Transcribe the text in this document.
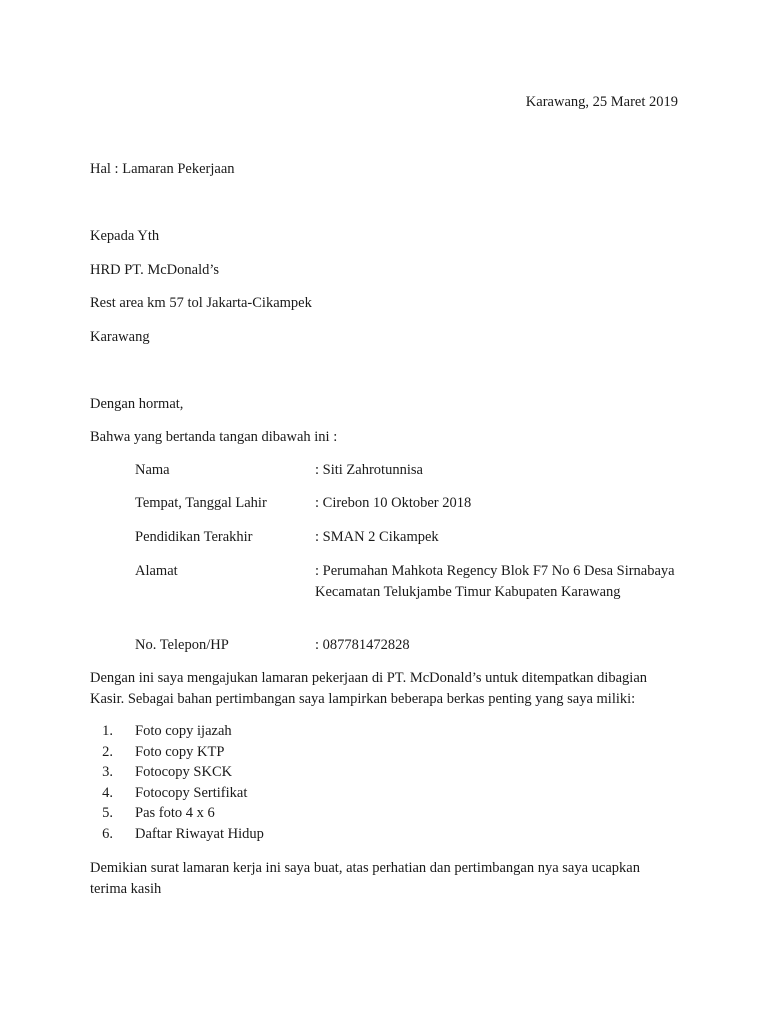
Karawang, 25 Maret 2019
Hal : Lamaran Pekerjaan
Kepada Yth
HRD PT. McDonald’s
Rest area km 57 tol Jakarta-Cikampek
Karawang
Dengan hormat,
Bahwa yang bertanda tangan dibawah ini :
Nama	: Siti Zahrotunnisa
Tempat, Tanggal Lahir	: Cirebon 10 Oktober 2018
Pendidikan Terakhir	: SMAN 2 Cikampek
Alamat	: Perumahan Mahkota Regency Blok F7 No 6 Desa Sirnabaya Kecamatan Telukjambe Timur Kabupaten Karawang
No. Telepon/HP	: 087781472828
Dengan ini saya mengajukan lamaran pekerjaan di PT. McDonald’s untuk ditempatkan dibagian Kasir. Sebagai bahan pertimbangan saya lampirkan beberapa berkas penting yang saya miliki:
1. Foto copy ijazah
2. Foto copy KTP
3. Fotocopy SKCK
4. Fotocopy Sertifikat
5. Pas foto 4 x 6
6. Daftar Riwayat Hidup
Demikian surat lamaran kerja ini saya buat, atas perhatian dan pertimbangan nya saya ucapkan terima kasih
